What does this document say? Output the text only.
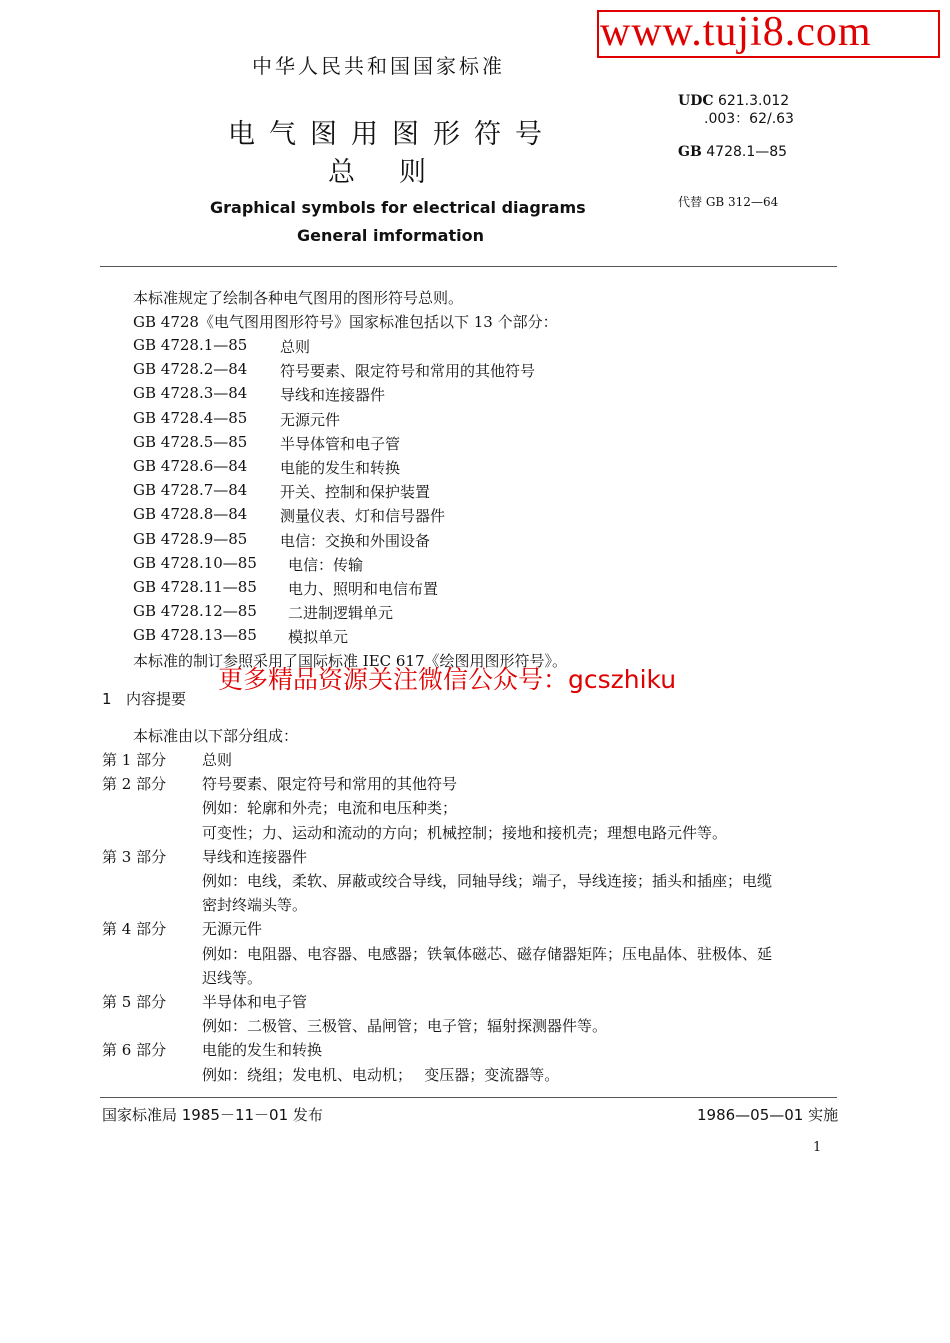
www.tuji8.com
中华人民共和国国家标准
电气图用图形符号
总则
Graphical symbols for electrical diagrams
General imformation
UDC 621.3.012
.003：62/.63
GB 4728.1—85
代替 GB 312—64
本标准规定了绘制各种电气图用的图形符号总则。
GB 4728《电气图用图形符号》国家标准包括以下 13 个部分：
GB 4728.1—85 总则
GB 4728.2—84 符号要素、限定符号和常用的其他符号
GB 4728.3—84 导线和连接器件
GB 4728.4—85 无源元件
GB 4728.5—85 半导体管和电子管
GB 4728.6—84 电能的发生和转换
GB 4728.7—84 开关、控制和保护装置
GB 4728.8—84 测量仪表、灯和信号器件
GB 4728.9—85 电信：交换和外围设备
GB 4728.10—85 电信：传输
GB 4728.11—85 电力、照明和电信布置
GB 4728.12—85 二进制逻辑单元
GB 4728.13—85 模拟单元
本标准的制订参照采用了国际标准 IEC 617《绘图用图形符号》。
更多精品资源关注微信公众号：gcszhiku
1 内容提要
本标准由以下部分组成：
第 1 部分 总则
第 2 部分 符号要素、限定符号和常用的其他符号
例如：轮廓和外壳；电流和电压种类；
可变性；力、运动和流动的方向；机械控制；接地和接机壳；理想电路元件等。
第 3 部分 导线和连接器件
例如：电线，柔软、屏蔽或绞合导线，同轴导线；端子，导线连接；插头和插座；电缆
密封终端头等。
第 4 部分 无源元件
例如：电阻器、电容器、电感器；铁氧体磁芯、磁存储器矩阵；压电晶体、驻极体、延
迟线等。
第 5 部分 半导体和电子管
例如：二极管、三极管、晶闸管；电子管；辐射探测器件等。
第 6 部分 电能的发生和转换
例如：绕组；发电机、电动机；　 变压器；变流器等。
国家标准局 1985－11－01 发布	1986—05—01 实施
1
